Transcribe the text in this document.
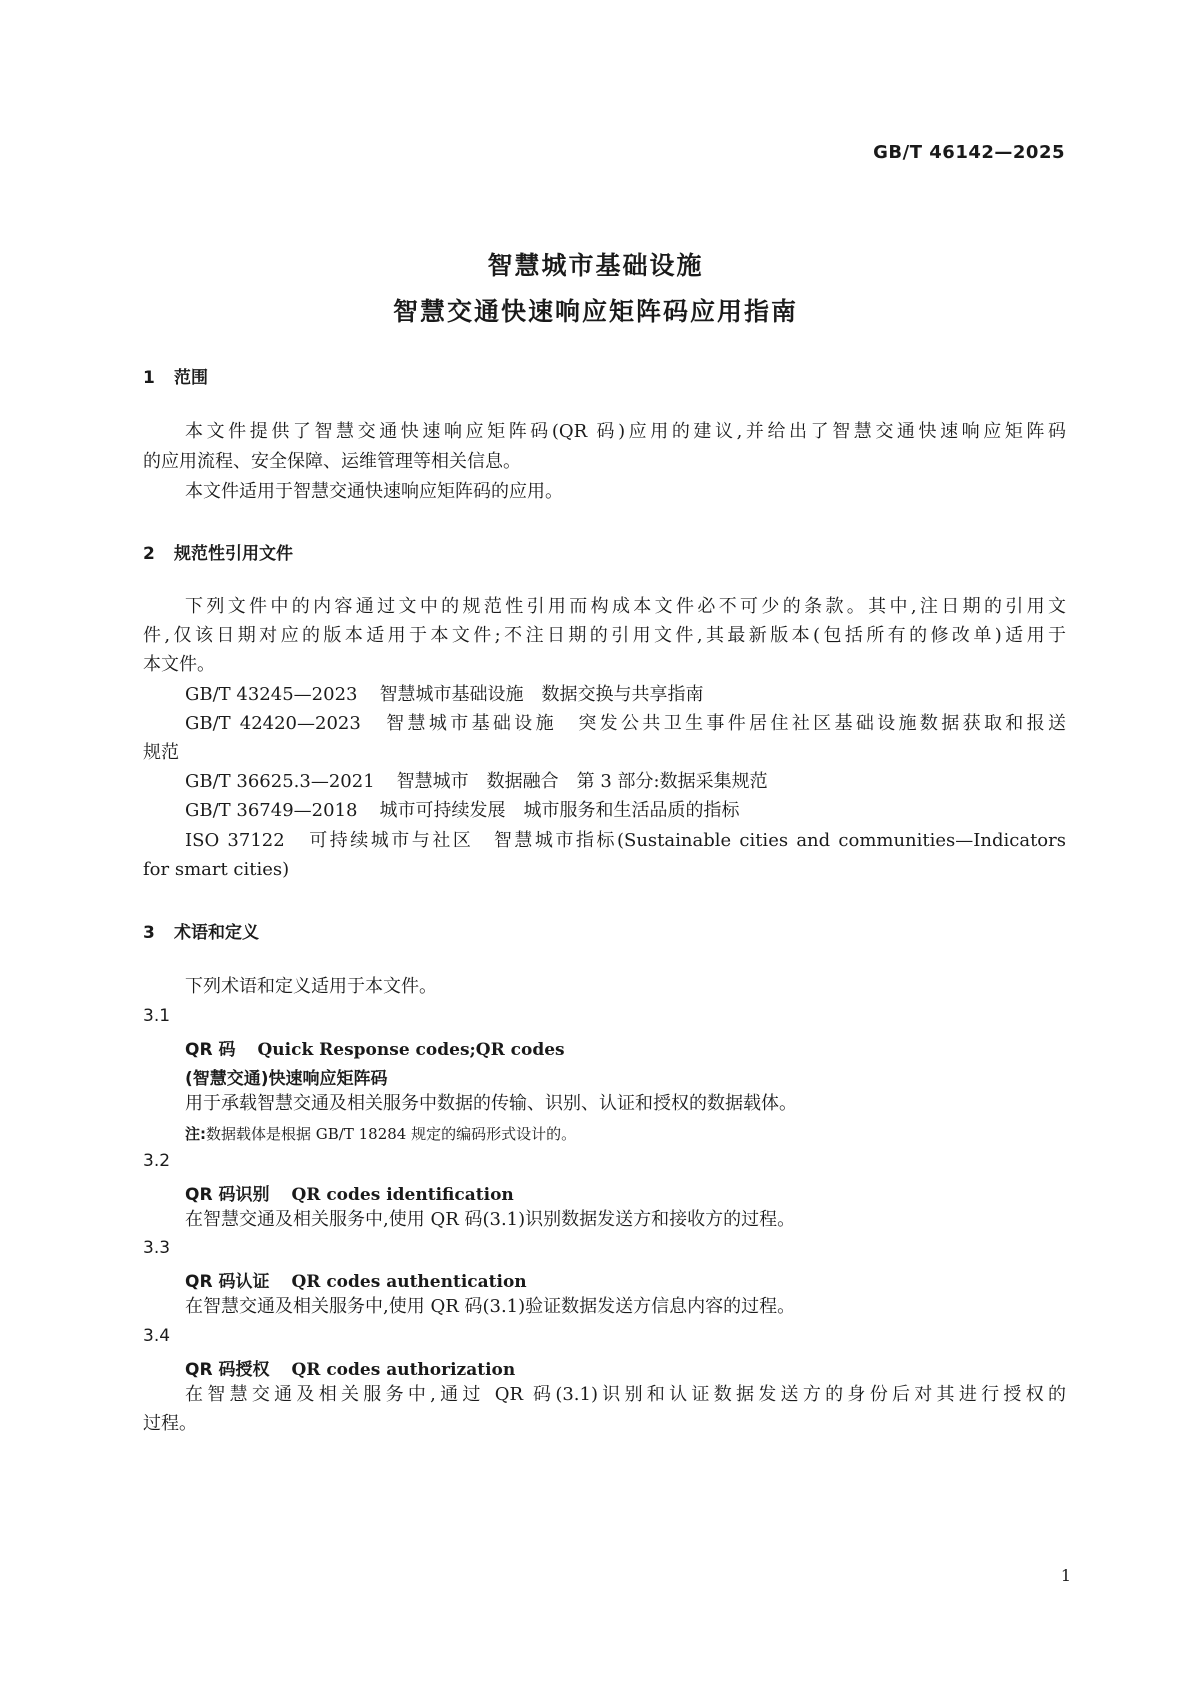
GB/T 46142—2025
智慧城市基础设施
智慧交通快速响应矩阵码应用指南
1 范围
本文件提供了智慧交通快速响应矩阵码(QR 码)应用的建议,并给出了智慧交通快速响应矩阵码
的应用流程、安全保障、运维管理等相关信息。
本文件适用于智慧交通快速响应矩阵码的应用。
2 规范性引用文件
下列文件中的内容通过文中的规范性引用而构成本文件必不可少的条款。其中,注日期的引用文
件,仅该日期对应的版本适用于本文件;不注日期的引用文件,其最新版本(包括所有的修改单)适用于
本文件。
GB/T 43245—2023 智慧城市基础设施　数据交换与共享指南
GB/T 42420—2023 智慧城市基础设施　突发公共卫生事件居住社区基础设施数据获取和报送
规范
GB/T 36625.3—2021 智慧城市　数据融合　第 3 部分:数据采集规范
GB/T 36749—2018 城市可持续发展　城市服务和生活品质的指标
ISO 37122 可持续城市与社区　智慧城市指标(Sustainable cities and communities—Indicators
for smart cities)
3 术语和定义
下列术语和定义适用于本文件。
3.1
QR 码 Quick Response codes;QR codes
(智慧交通)快速响应矩阵码
用于承载智慧交通及相关服务中数据的传输、识别、认证和授权的数据载体。
注:数据载体是根据 GB/T 18284 规定的编码形式设计的。
3.2
QR 码识别 QR codes identification
在智慧交通及相关服务中,使用 QR 码(3.1)识别数据发送方和接收方的过程。
3.3
QR 码认证 QR codes authentication
在智慧交通及相关服务中,使用 QR 码(3.1)验证数据发送方信息内容的过程。
3.4
QR 码授权 QR codes authorization
在智慧交通及相关服务中,通过 QR 码(3.1)识别和认证数据发送方的身份后对其进行授权的
过程。
1
